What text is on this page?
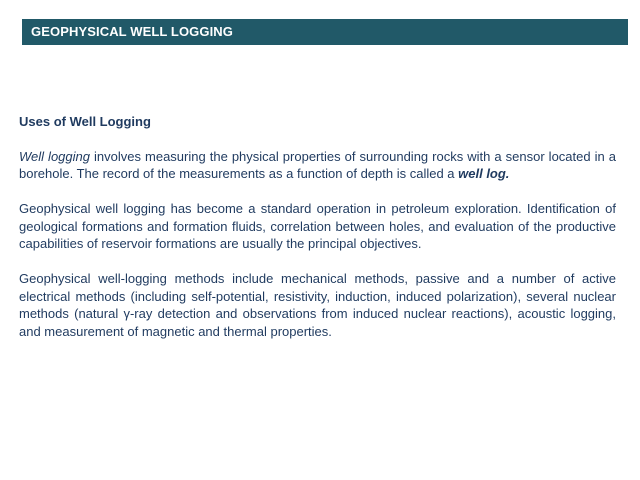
GEOPHYSICAL WELL LOGGING
Uses of Well Logging

Well logging involves measuring the physical properties of surrounding rocks with a sensor located in a borehole. The record of the measurements as a function of depth is called a well log.

Geophysical well logging has become a standard operation in petroleum exploration. Identification of geological formations and formation fluids, correlation between holes, and evaluation of the productive capabilities of reservoir formations are usually the principal objectives.

Geophysical well-logging methods include mechanical methods, passive and a number of active electrical methods (including self-potential, resistivity, induction, induced polarization), several nuclear methods (natural γ-ray detection and observations from induced nuclear reactions), acoustic logging, and measurement of magnetic and thermal properties.
